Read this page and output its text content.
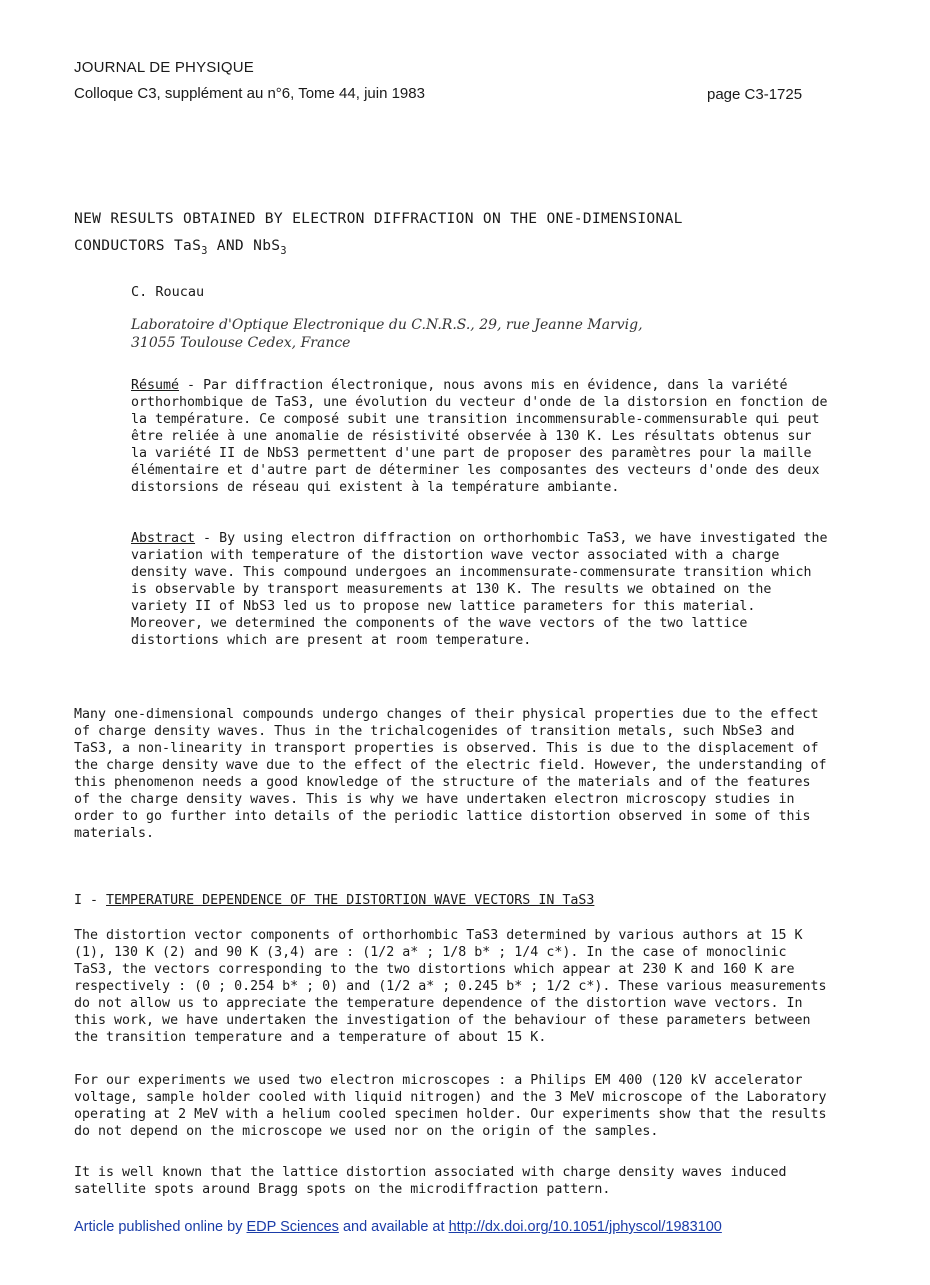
JOURNAL DE PHYSIQUE
Colloque C3, supplément au n°6, Tome 44, juin 1983	page C3-1725
NEW RESULTS OBTAINED BY ELECTRON DIFFRACTION ON THE ONE-DIMENSIONAL
CONDUCTORS TaS$_3$ AND NbS$_3$
C. Roucau
Laboratoire d'Optique Electronique du C.N.R.S., 29, rue Jeanne Marvig,
31055 Toulouse Cedex, France

Résumé - Par diffraction électronique, nous avons mis en évidence, dans la variété orthorhombique de TaS3, une évolution du vecteur d'onde de la distorsion en fonction de la température. Ce composé subit une transition incommensurable-commensurable qui peut être reliée à une anomalie de résistivité observée à 130 K. Les résultats obtenus sur la variété II de NbS3 permettent d'une part de proposer des paramètres pour la maille élémentaire et d'autre part de déterminer les composantes des vecteurs d'onde des deux distorsions de réseau qui existent à la température ambiante.

Abstract - By using electron diffraction on orthorhombic TaS3, we have investigated the variation with temperature of the distortion wave vector associated with a charge density wave. This compound undergoes an incommensurate-commensurate transition which is observable by transport measurements at 130 K. The results we obtained on the variety II of NbS3 led us to propose new lattice parameters for this material. Moreover, we determined the components of the wave vectors of the two lattice distortions which are present at room temperature.

Many one-dimensional compounds undergo changes of their physical properties due to the effect of charge density waves. Thus in the trichalcogenides of transition metals, such NbSe3 and TaS3, a non-linearity in transport properties is observed. This is due to the displacement of the charge density wave due to the effect of the electric field. However, the understanding of this phenomenon needs a good knowledge of the structure of the materials and of the features of the charge density waves. This is why we have undertaken electron microscopy studies in order to go further into details of the periodic lattice distortion observed in some of this materials.

I - TEMPERATURE DEPENDENCE OF THE DISTORTION WAVE VECTORS IN TaS3

The distortion vector components of orthorhombic TaS3 determined by various authors at 15 K (1), 130 K (2) and 90 K (3,4) are : (1/2 a* ; 1/8 b* ; 1/4 c*). In the case of monoclinic TaS3, the vectors corresponding to the two distortions which appear at 230 K and 160 K are respectively : (0 ; 0.254 b* ; 0) and (1/2 a* ; 0.245 b* ; 1/2 c*). These various measurements do not allow us to appreciate the temperature dependence of the distortion wave vectors. In this work, we have undertaken the investigation of the behaviour of these parameters between the transition temperature and a temperature of about 15 K.

For our experiments we used two electron microscopes : a Philips EM 400 (120 kV accelerator voltage, sample holder cooled with liquid nitrogen) and the 3 MeV microscope of the Laboratory operating at 2 MeV with a helium cooled specimen holder. Our experiments show that the results do not depend on the microscope we used nor on the origin of the samples.

It is well known that the lattice distortion associated with charge density waves induced satellite spots around Bragg spots on the microdiffraction pattern.

Article published online by EDP Sciences and available at http://dx.doi.org/10.1051/jphyscol/1983100
